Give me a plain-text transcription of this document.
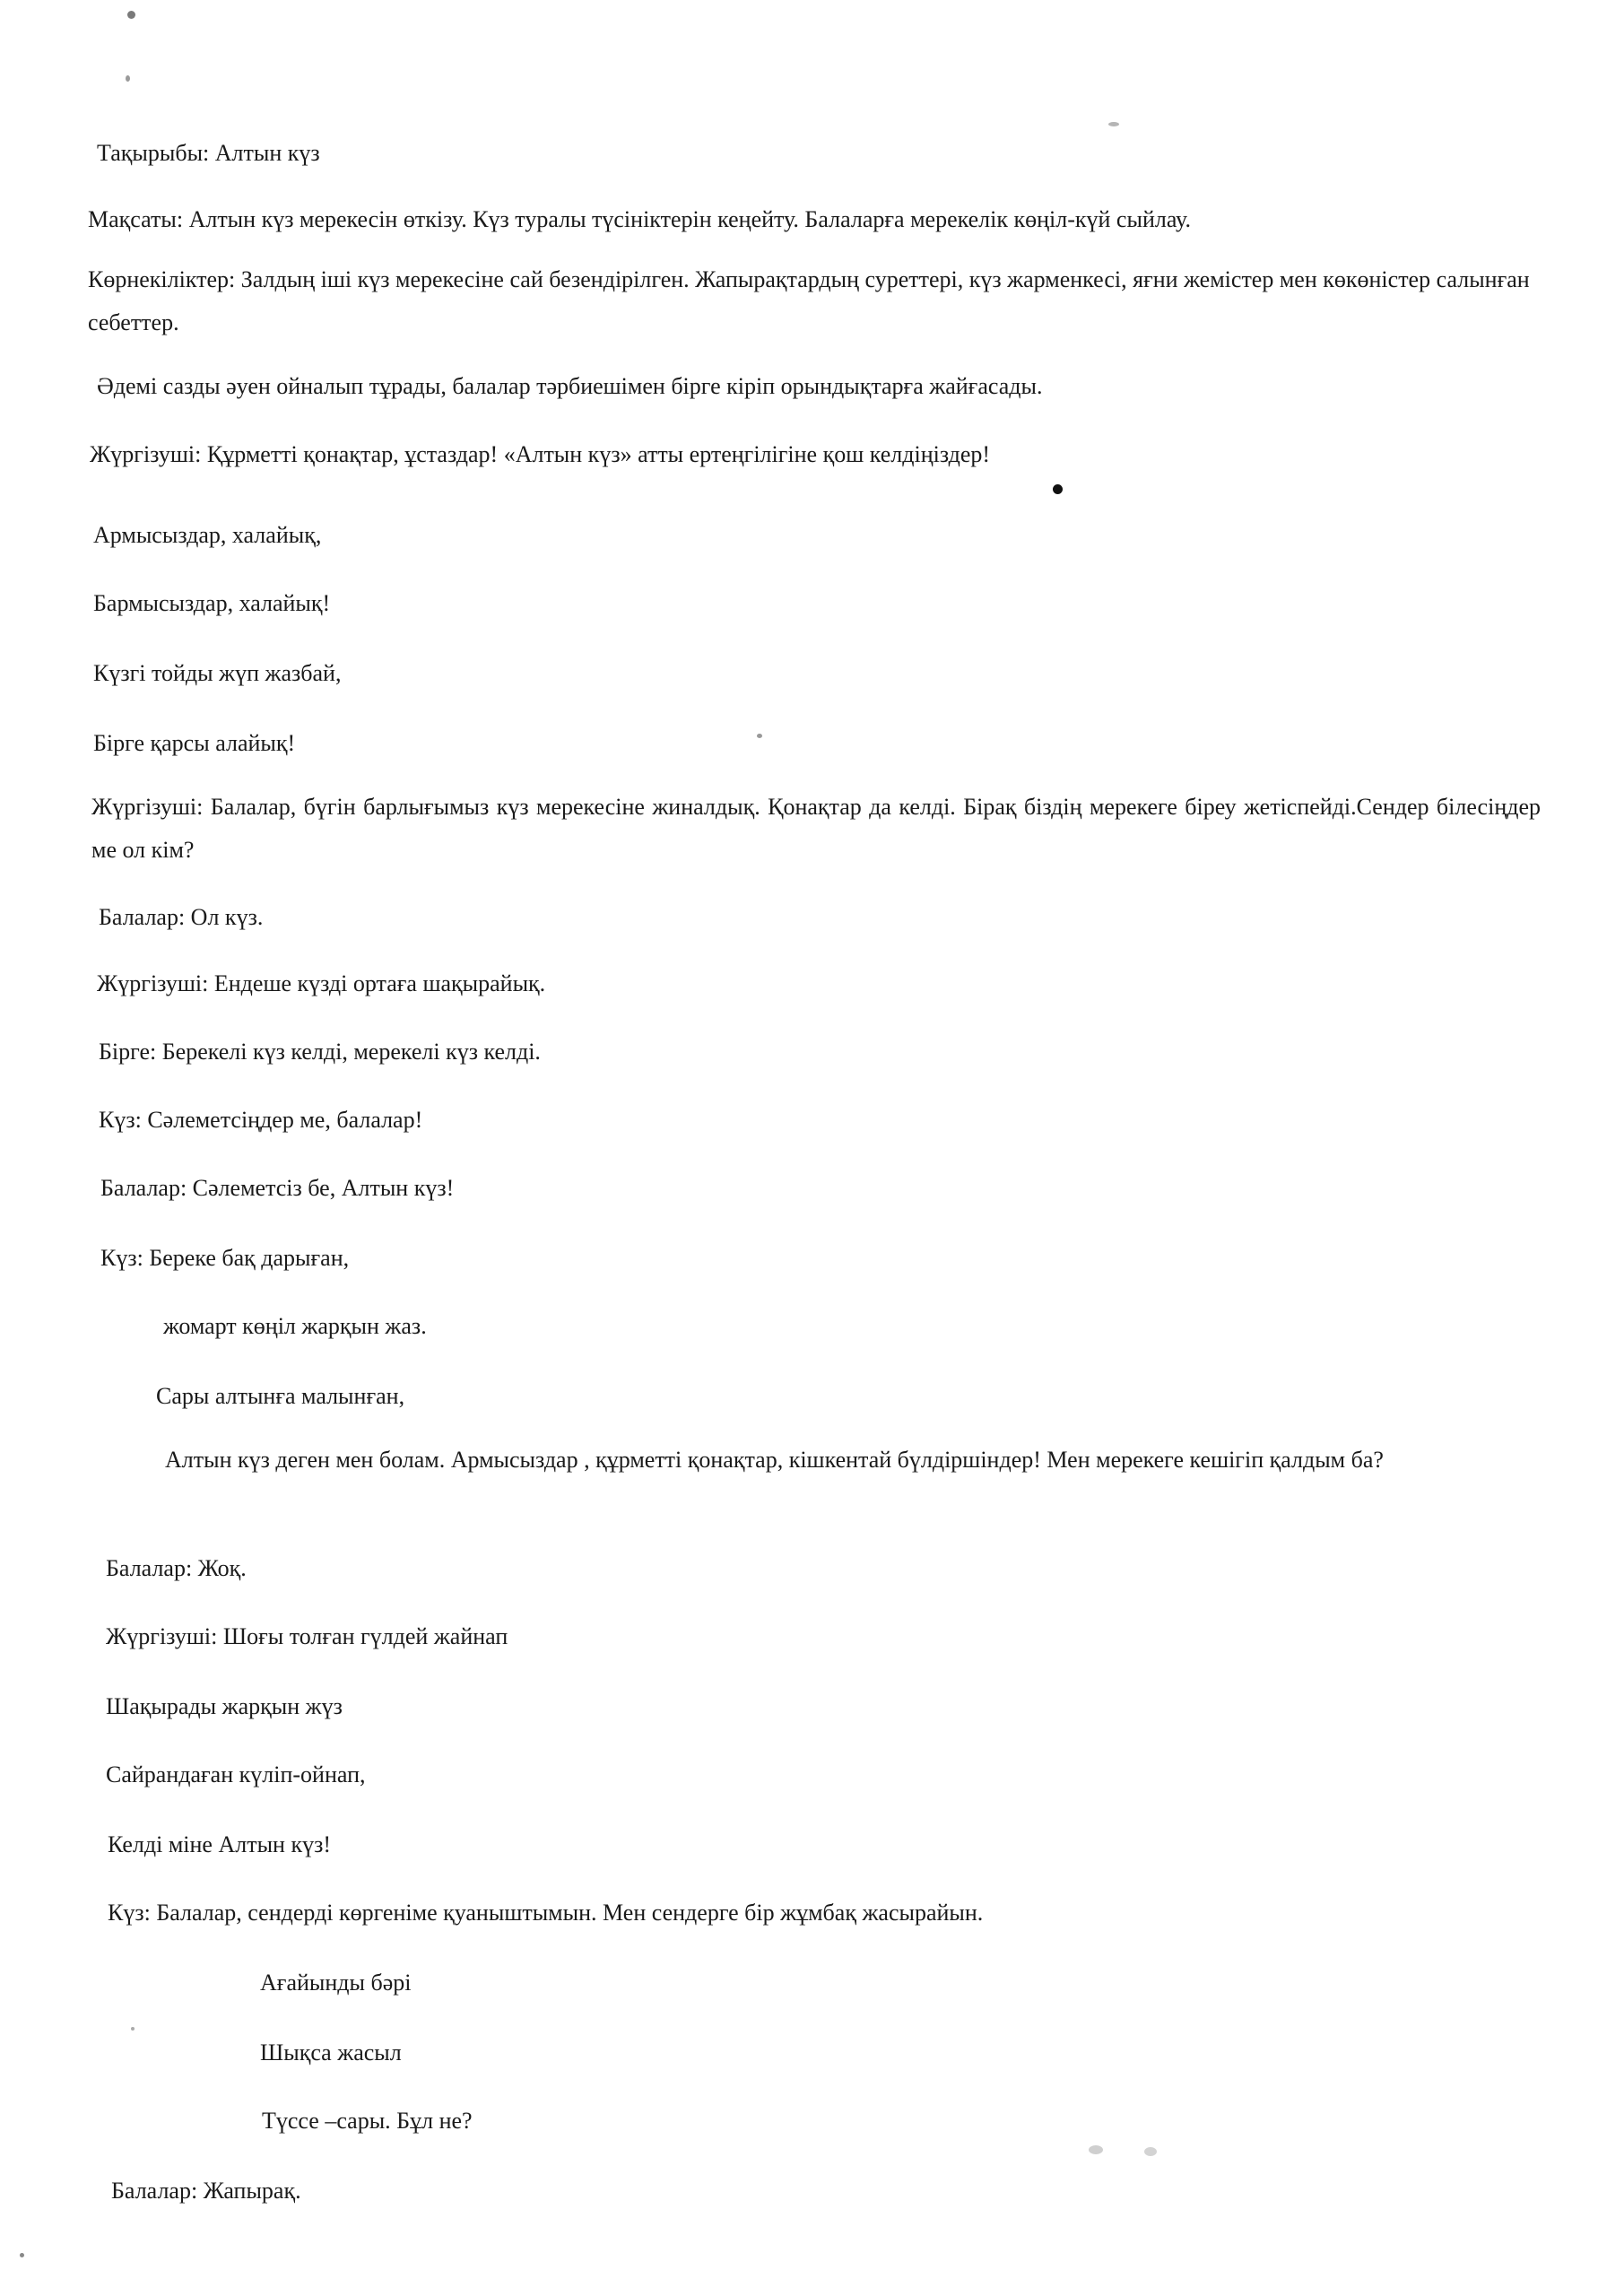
Тақырыбы: Алтын күз
Мақсаты: Алтын күз мерекесін өткізу. Күз туралы түсініктерін кеңейту. Балаларға мерекелік көңіл-күй сыйлау.
Көрнекіліктер: Залдың іші күз мерекесіне сай безендірілген. Жапырақтардың суреттері, күз жарменкесі, яғни жемістер мен көкөністер салынған себеттер.
Әдемі сазды әуен ойналып тұрады, балалар тәрбиешімен бірге кіріп орындықтарға жайғасады.
Жүргізуші: Құрметті қонақтар, ұстаздар! «Алтын күз» атты ертеңгілігіне қош келдіңіздер!
Армысыздар, халайық,
Бармысыздар, халайық!
Күзгі тойды жүп жазбай,
Бірге қарсы алайық!
Жүргізуші: Балалар, бүгін барлығымыз күз мерекесіне жиналдық. Қонақтар да келді. Бірақ біздің мерекеге біреу жетіспейді.Сендер білесіңдер ме ол кім?
Балалар: Ол күз.
Жүргізуші: Ендеше күзді ортаға шақырайық.
Бірге: Берекелі күз келді, мерекелі күз келді.
Күз: Сәлеметсіңдер ме, балалар!
Балалар: Сәлеметсіз бе, Алтын күз!
Күз: Береке бақ дарыған,
жомарт көңіл жарқын жаз.
Сары алтынға малынған,
Алтын күз деген мен болам. Армысыздар , құрметті қонақтар, кішкентай бүлдіршіндер! Мен мерекеге кешігіп қалдым ба?
Балалар: Жоқ.
Жүргізуші: Шоғы толған гүлдей жайнап
Шақырады жарқын жүз
Сайрандаған күліп-ойнап,
Келді міне Алтын күз!
Күз: Балалар, сендерді көргеніме қуаныштымын. Мен сендерге бір жұмбақ жасырайын.
Ағайынды бәрі
Шықса жасыл
Түссе –сары. Бұл не?
Балалар: Жапырақ.
